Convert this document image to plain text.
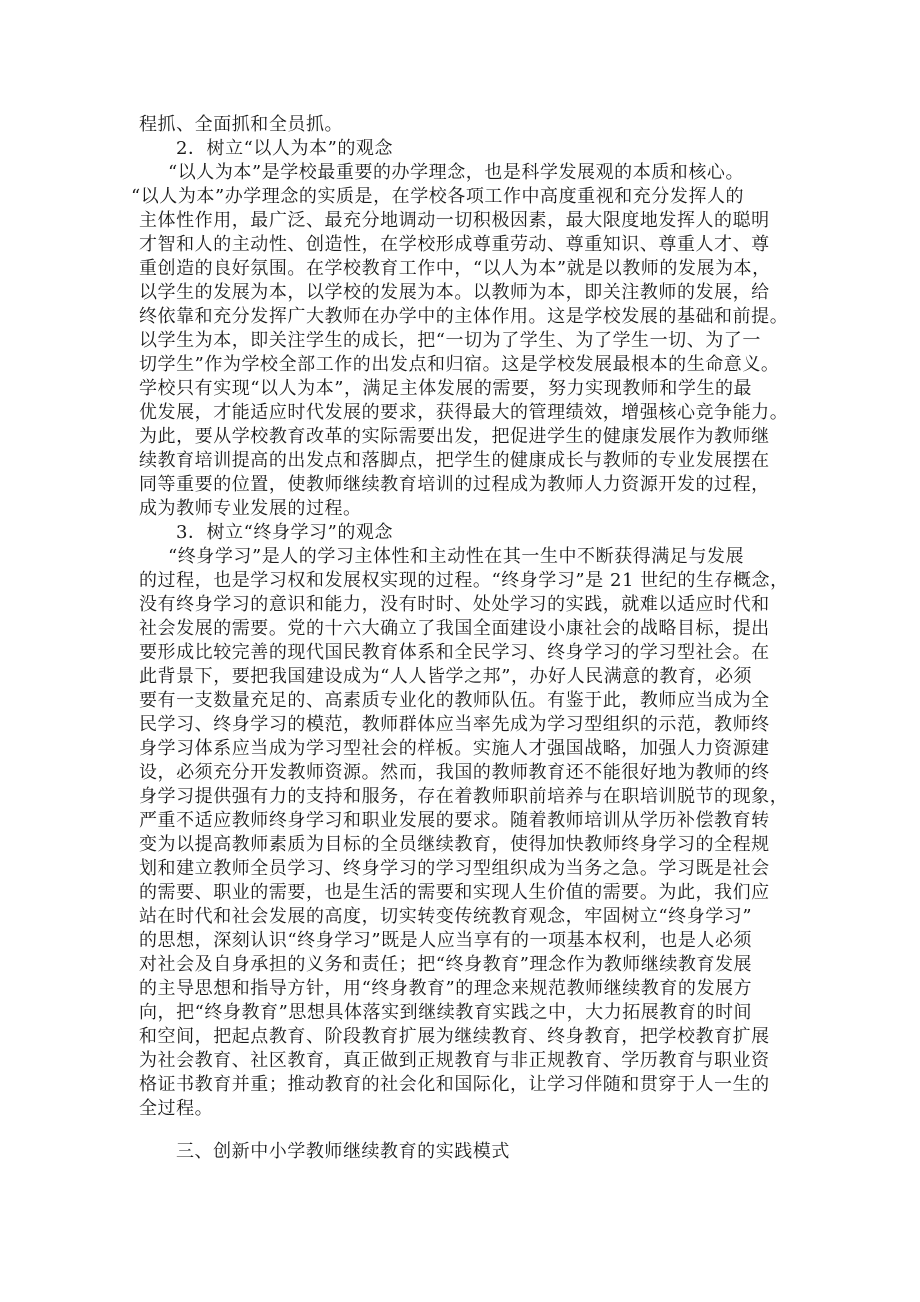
程抓、全面抓和全员抓。
2．树立“以人为本”的观念
“以人为本”是学校最重要的办学理念，也是科学发展观的本质和核心。
“以人为本”办学理念的实质是，在学校各项工作中高度重视和充分发挥人的
主体性作用，最广泛、最充分地调动一切积极因素，最大限度地发挥人的聪明
才智和人的主动性、创造性，在学校形成尊重劳动、尊重知识、尊重人才、尊
重创造的良好氛围。在学校教育工作中，“以人为本”就是以教师的发展为本，
以学生的发展为本，以学校的发展为本。以教师为本，即关注教师的发展，给
终依靠和充分发挥广大教师在办学中的主体作用。这是学校发展的基础和前提。
以学生为本，即关注学生的成长，把“一切为了学生、为了学生一切、为了一
切学生”作为学校全部工作的出发点和归宿。这是学校发展最根本的生命意义。
学校只有实现“以人为本”，满足主体发展的需要，努力实现教师和学生的最
优发展，才能适应时代发展的要求，获得最大的管理绩效，增强核心竞争能力。
为此，要从学校教育改革的实际需要出发，把促进学生的健康发展作为教师继
续教育培训提高的出发点和落脚点，把学生的健康成长与教师的专业发展摆在
同等重要的位置，使教师继续教育培训的过程成为教师人力资源开发的过程，
成为教师专业发展的过程。
3．树立“终身学习”的观念
“终身学习”是人的学习主体性和主动性在其一生中不断获得满足与发展
的过程，也是学习权和发展权实现的过程。“终身学习”是 21 世纪的生存概念，
没有终身学习的意识和能力，没有时时、处处学习的实践，就难以适应时代和
社会发展的需要。党的十六大确立了我国全面建设小康社会的战略目标，提出
要形成比较完善的现代国民教育体系和全民学习、终身学习的学习型社会。在
此背景下，要把我国建设成为“人人皆学之邦”，办好人民满意的教育，必须
要有一支数量充足的、高素质专业化的教师队伍。有鉴于此，教师应当成为全
民学习、终身学习的模范，教师群体应当率先成为学习型组织的示范，教师终
身学习体系应当成为学习型社会的样板。实施人才强国战略，加强人力资源建
设，必须充分开发教师资源。然而，我国的教师教育还不能很好地为教师的终
身学习提供强有力的支持和服务，存在着教师职前培养与在职培训脱节的现象，
严重不适应教师终身学习和职业发展的要求。随着教师培训从学历补偿教育转
变为以提高教师素质为目标的全员继续教育，使得加快教师终身学习的全程规
划和建立教师全员学习、终身学习的学习型组织成为当务之急。学习既是社会
的需要、职业的需要，也是生活的需要和实现人生价值的需要。为此，我们应
站在时代和社会发展的高度，切实转变传统教育观念，牢固树立“终身学习”
的思想，深刻认识“终身学习”既是人应当享有的一项基本权利，也是人必须
对社会及自身承担的义务和责任；把“终身教育”理念作为教师继续教育发展
的主导思想和指导方针，用“终身教育”的理念来规范教师继续教育的发展方
向，把“终身教育”思想具体落实到继续教育实践之中，大力拓展教育的时间
和空间，把起点教育、阶段教育扩展为继续教育、终身教育，把学校教育扩展
为社会教育、社区教育，真正做到正规教育与非正规教育、学历教育与职业资
格证书教育并重；推动教育的社会化和国际化，让学习伴随和贯穿于人一生的
全过程。
三、创新中小学教师继续教育的实践模式
